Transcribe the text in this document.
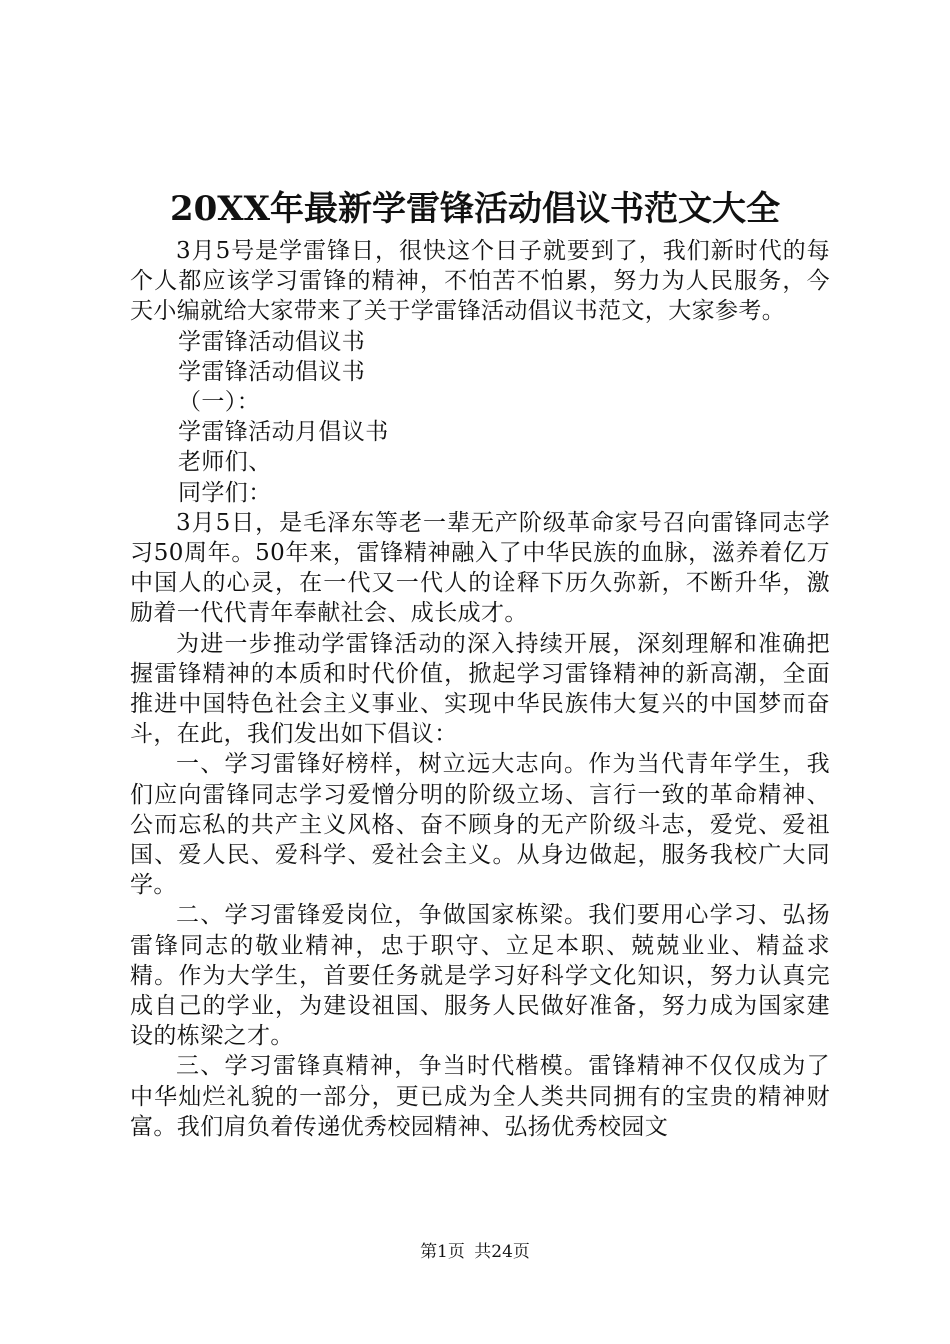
20XX年最新学雷锋活动倡议书范文大全

3月5号是学雷锋日，很快这个日子就要到了，我们新时代的每个人都应该学习雷锋的精神，不怕苦不怕累，努力为人民服务，今天小编就给大家带来了关于学雷锋活动倡议书范文，大家参考。

学雷锋活动倡议书

学雷锋活动倡议书

（一）：

学雷锋活动月倡议书

老师们、

同学们：

3月5日，是毛泽东等老一辈无产阶级革命家号召向雷锋同志学习50周年。50年来，雷锋精神融入了中华民族的血脉，滋养着亿万中国人的心灵，在一代又一代人的诠释下历久弥新，不断升华，激励着一代代青年奉献社会、成长成才。

为进一步推动学雷锋活动的深入持续开展，深刻理解和准确把握雷锋精神的本质和时代价值，掀起学习雷锋精神的新高潮，全面推进中国特色社会主义事业、实现中华民族伟大复兴的中国梦而奋斗，在此，我们发出如下倡议：

一、学习雷锋好榜样，树立远大志向。作为当代青年学生，我们应向雷锋同志学习爱憎分明的阶级立场、言行一致的革命精神、公而忘私的共产主义风格、奋不顾身的无产阶级斗志，爱党、爱祖国、爱人民、爱科学、爱社会主义。从身边做起，服务我校广大同学。

二、学习雷锋爱岗位，争做国家栋梁。我们要用心学习、弘扬雷锋同志的敬业精神，忠于职守、立足本职、兢兢业业、精益求精。作为大学生，首要任务就是学习好科学文化知识，努力认真完成自己的学业，为建设祖国、服务人民做好准备，努力成为国家建设的栋梁之才。

三、学习雷锋真精神，争当时代楷模。雷锋精神不仅仅成为了中华灿烂礼貌的一部分，更已成为全人类共同拥有的宝贵的精神财富。我们肩负着传递优秀校园精神、弘扬优秀校园文

第1页 共24页
